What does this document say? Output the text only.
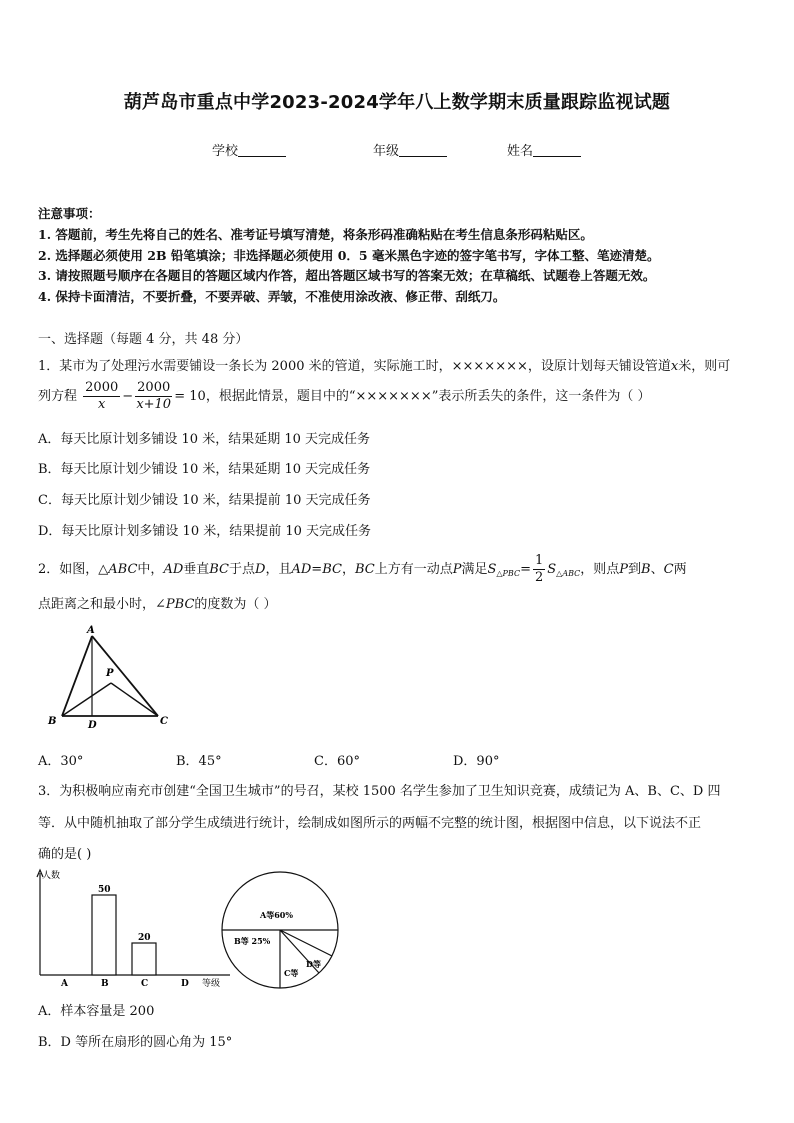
葫芦岛市重点中学2023-2024学年八上数学期末质量跟踪监视试题
学校	年级	姓名
注意事项：
1. 答题前，考生先将自己的姓名、准考证号填写清楚，将条形码准确粘贴在考生信息条形码粘贴区。
2. 选择题必须使用 2B 铅笔填涂；非选择题必须使用 0．5 毫米黑色字迹的签字笔书写，字体工整、笔迹清楚。
3. 请按照题号顺序在各题目的答题区域内作答，超出答题区域书写的答案无效；在草稿纸、试题卷上答题无效。
4. 保持卡面清洁，不要折叠，不要弄破、弄皱，不准使用涂改液、修正带、刮纸刀。
一、选择题（每题 4 分，共 48 分）
1．某市为了处理污水需要铺设一条长为 2000 米的管道，实际施工时，×××××××，设原计划每天铺设管道x米，则可
列方程 $\frac{2000}{x} - \frac{2000}{x+10} = 10$，根据此情景，题目中的“×××××××”表示所丢失的条件，这一条件为（ ）
A．每天比原计划多铺设 10 米，结果延期 10 天完成任务
B．每天比原计划少铺设 10 米，结果延期 10 天完成任务
C．每天比原计划少铺设 10 米，结果提前 10 天完成任务
D．每天比原计划多铺设 10 米，结果提前 10 天完成任务
2．如图，△ABC中，AD垂直BC于点D，且AD=BC，BC上方有一动点P满足$S_{\triangle PBC}= \frac{1}{2} S_{\triangle ABC}$，则点P到B、C两
点距离之和最小时，∠PBC的度数为（ ）
A
P
B	D	C
A．30°	B．45°	C．60°	D．90°
3．为积极响应南充市创建“全国卫生城市”的号召，某校 1500 名学生参加了卫生知识竞赛，成绩记为 A、B、C、D 四
等．从中随机抽取了部分学生成绩进行统计，绘制成如图所示的两幅不完整的统计图，根据图中信息，以下说法不正
确的是( )
人数
等级
A	B
50
C
20
D
A等60%
B等 25%
C等
D等
A．样本容量是 200
B．D 等所在扇形的圆心角为 15°
